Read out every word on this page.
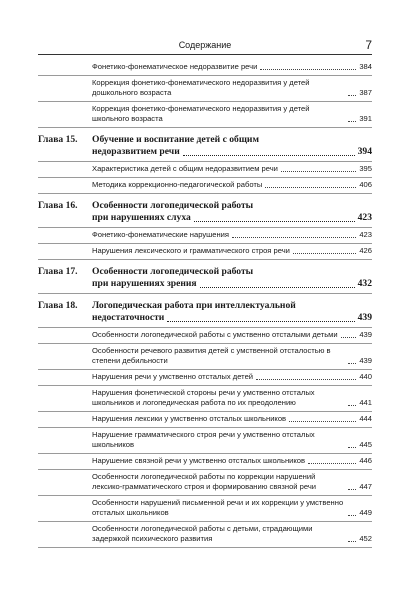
Содержание	7
Фонетико-фонематическое недоразвитие речи	384
Коррекция фонетико-фонематического недоразвития у детей дошкольного возраста	387
Коррекция фонетико-фонематического недоразвития у детей школьного возраста	391
Глава 15.	Обучение и воспитание детей с общим
недоразвитием речи	394
Характеристика детей с общим недоразвитием речи	395
Методика коррекционно-педагогической работы	406
Глава 16.	Особенности логопедической работы
при нарушениях слуха	423
Фонетико-фонематические нарушения	423
Нарушения лексического и грамматического строя речи	426
Глава 17.	Особенности логопедической работы
при нарушениях зрения	432
Глава 18.	Логопедическая работа при интеллектуальной
недостаточности	439
Особенности логопедической работы с умственно отсталыми детьми	439
Особенности речевого развития детей с умственной отсталостью в степени дебильности	439
Нарушения речи у умственно отсталых детей	440
Нарушения фонетической стороны речи у умственно отсталых школьников и логопедическая работа по их преодолению	441
Нарушения лексики у умственно отсталых школьников	444
Нарушение грамматического строя речи у умственно отсталых школьников	445
Нарушение связной речи у умственно отсталых школьников	446
Особенности логопедической работы по коррекции нарушений лексико-грамматического строя и формированию связной речи	447
Особенности нарушений письменной речи и их коррекции у умственно отсталых школьников	449
Особенности логопедической работы с детьми, страдающими задержкой психического развития	452
